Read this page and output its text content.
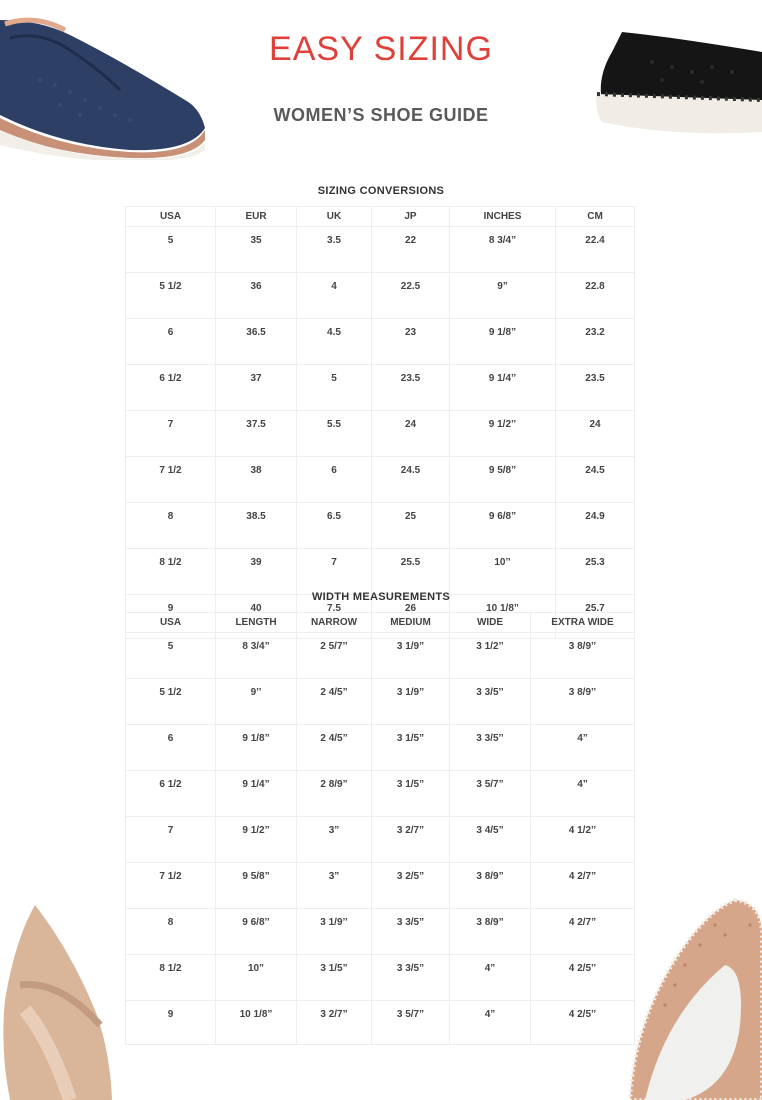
EASY SIZING
WOMEN’S SHOE GUIDE
SIZING CONVERSIONS
USA	EUR	UK	JP	INCHES	CM
5	35	3.5	22	8 3/4”	22.4
5 1/2	36	4	22.5	9”	22.8
6	36.5	4.5	23	9 1/8”	23.2
6 1/2	37	5	23.5	9 1/4’’	23.5
7	37.5	5.5	24	9 1/2’’	24
7 1/2	38	6	24.5	9 5/8”	24.5
8	38.5	6.5	25	9 6/8”	24.9
8 1/2	39	7	25.5	10’’	25.3
9	40	7.5	26	10 1/8”	25.7
WIDTH MEASUREMENTS
USA	LENGTH	NARROW	MEDIUM	WIDE	EXTRA WIDE
5	8 3/4”	2 5/7’’	3 1/9”	3 1/2’’	3 8/9’’
5 1/2	9’’	2 4/5”	3 1/9”	3 3/5’’	3 8/9’’
6	9 1/8”	2 4/5”	3 1/5”	3 3/5’’	4”
6 1/2	9 1/4”	2 8/9”	3 1/5”	3 5/7”	4”
7	9 1/2”	3”	3 2/7”	3 4/5”	4 1/2’’
7 1/2	9 5/8”	3”	3 2/5”	3 8/9”	4 2/7”
8	9 6/8’’	3 1/9’’	3 3/5”	3 8/9”	4 2/7”
8 1/2	10”	3 1/5”	3 3/5”	4”	4 2/5’’
9	10 1/8”	3 2/7”	3 5/7”	4”	4 2/5’’
